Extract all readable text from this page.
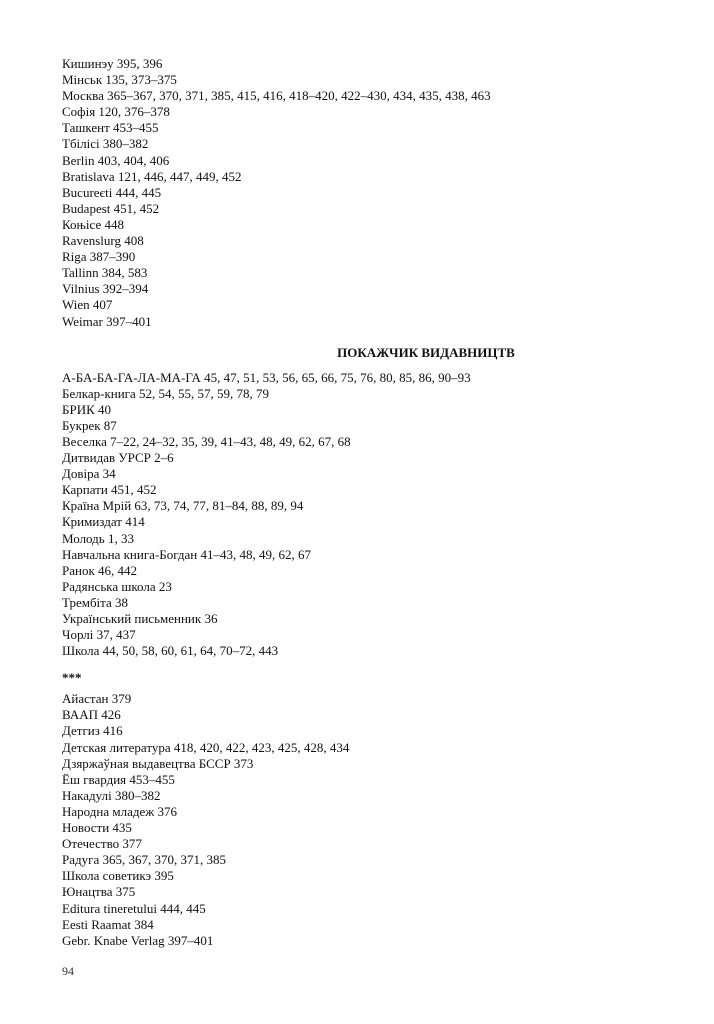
Кишинэу 395, 396
Мінськ 135, 373–375
Москва 365–367, 370, 371, 385, 415, 416, 418–420, 422–430, 434, 435, 438, 463
Софія 120, 376–378
Ташкент 453–455
Тбілісі 380–382
Berlin 403, 404, 406
Bratislava 121, 446, 447, 449, 452
Bucureєti 444, 445
Budapest 451, 452
Коњісе 448
Ravenslurg 408
Riga 387–390
Tallinn 384, 583
Vilnius 392–394
Wien 407
Weimar 397–401
ПОКАЖЧИК ВИДАВНИЦТВ
А-БА-БА-ГА-ЛА-МА-ГА 45, 47, 51, 53, 56, 65, 66, 75, 76, 80, 85, 86, 90–93
Белкар-книга 52, 54, 55, 57, 59, 78, 79
БРИК 40
Букрек 87
Веселка 7–22, 24–32, 35, 39, 41–43, 48, 49, 62, 67, 68
Дитвидав УРСР 2–6
Довіра 34
Карпати 451, 452
Країна Мрій 63, 73, 74, 77, 81–84, 88, 89, 94
Кримиздат 414
Молодь 1, 33
Навчальна книга-Богдан 41–43, 48, 49, 62, 67
Ранок 46, 442
Радянська школа 23
Трембіта 38
Український письменник 36
Чорлі 37, 437
Школа 44, 50, 58, 60, 61, 64, 70–72, 443
***
Айастан 379
ВААП 426
Детгиз 416
Детская литература 418, 420, 422, 423, 425, 428, 434
Дзяржаўная выдавецтва БССР 373
Ёш гвардия 453–455
Накадулі 380–382
Народна младеж 376
Новости 435
Отечество 377
Радуга 365, 367, 370, 371, 385
Школа советикэ 395
Юнацтва 375
Editura tineretului 444, 445
Eesti Raamat 384
Gebr. Knabe Verlag 397–401
94
